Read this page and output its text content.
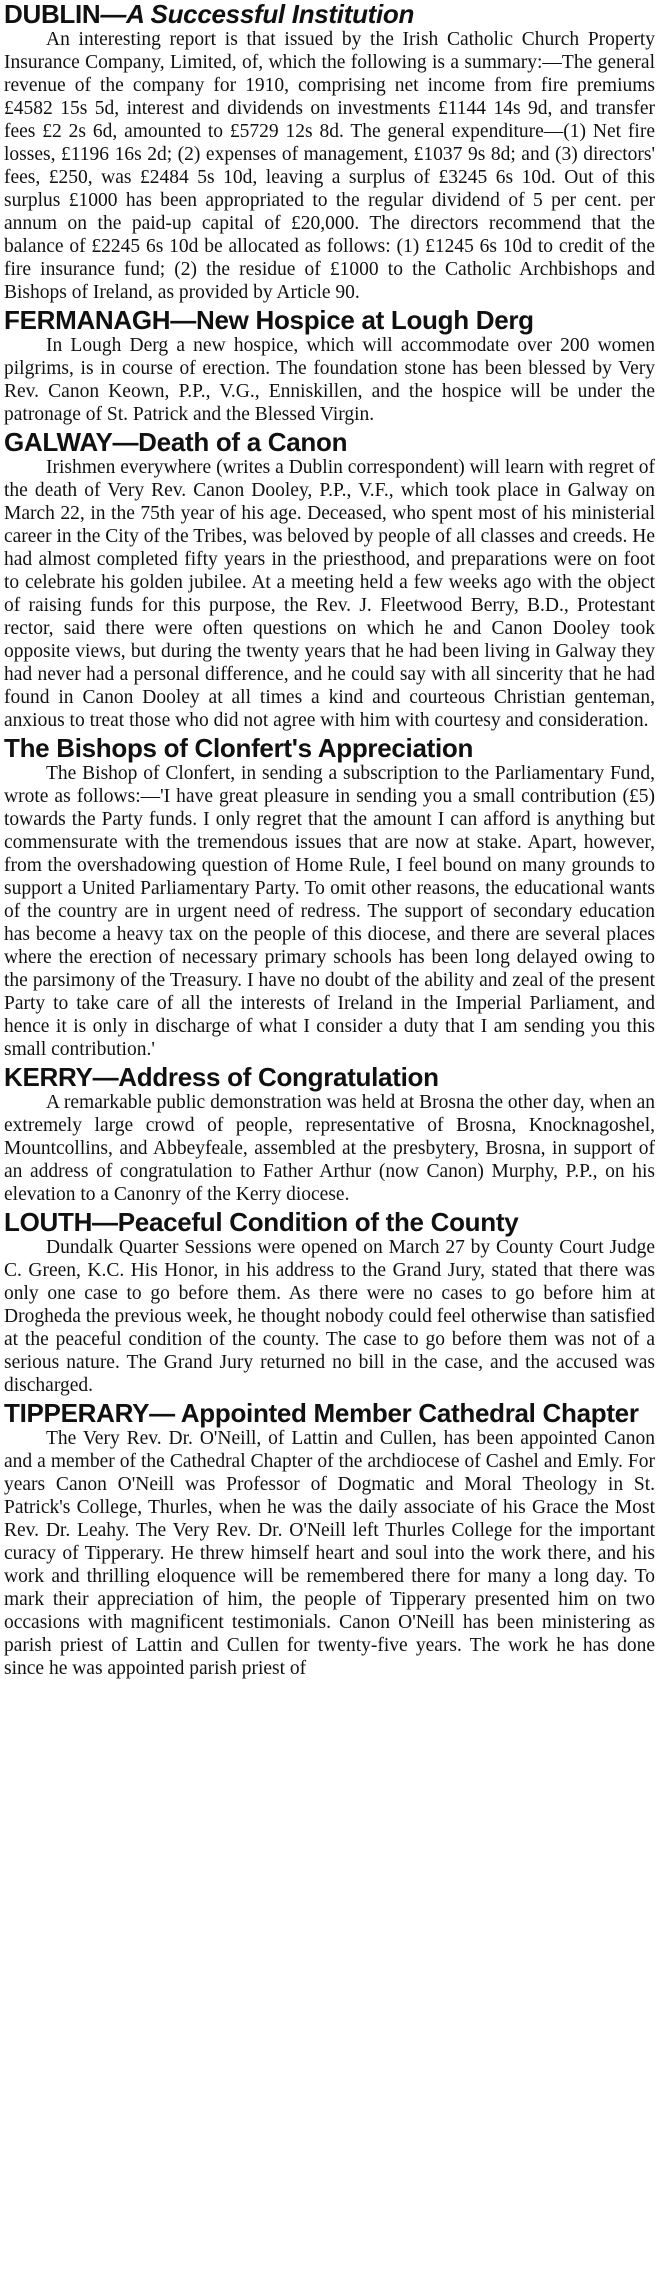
DUBLIN—A Successful Institution

An interesting report is that issued by the Irish Catholic Church Property Insurance Company, Limited, of, which the following is a summary:—The general revenue of the company for 1910, comprising net income from fire premiums £4582 15s 5d, interest and dividends on investments £1144 14s 9d, and transfer fees £2 2s 6d, amounted to £5729 12s 8d. The general expenditure—(1) Net fire losses, £1196 16s 2d; (2) expenses of management, £1037 9s 8d; and (3) directors' fees, £250, was £2484 5s 10d, leaving a surplus of £3245 6s 10d. Out of this surplus £1000 has been appropriated to the regular dividend of 5 per cent. per annum on the paid-up capital of £20,000. The directors recommend that the balance of £2245 6s 10d be allocated as follows: (1) £1245 6s 10d to credit of the fire insurance fund; (2) the residue of £1000 to the Catholic Archbishops and Bishops of Ireland, as provided by Article 90.

FERMANAGH—New Hospice at Lough Derg

In Lough Derg a new hospice, which will accommodate over 200 women pilgrims, is in course of erection. The foundation stone has been blessed by Very Rev. Canon Keown, P.P., V.G., Enniskillen, and the hospice will be under the patronage of St. Patrick and the Blessed Virgin.

GALWAY—Death of a Canon

Irishmen everywhere (writes a Dublin correspondent) will learn with regret of the death of Very Rev. Canon Dooley, P.P., V.F., which took place in Galway on March 22, in the 75th year of his age. Deceased, who spent most of his ministerial career in the City of the Tribes, was beloved by people of all classes and creeds. He had almost completed fifty years in the priesthood, and preparations were on foot to celebrate his golden jubilee. At a meeting held a few weeks ago with the object of raising funds for this purpose, the Rev. J. Fleetwood Berry, B.D., Protestant rector, said there were often questions on which he and Canon Dooley took opposite views, but during the twenty years that he had been living in Galway they had never had a personal difference, and he could say with all sincerity that he had found in Canon Dooley at all times a kind and courteous Christian genteman, anxious to treat those who did not agree with him with courtesy and consideration.

The Bishops of Clonfert's Appreciation

The Bishop of Clonfert, in sending a subscription to the Parliamentary Fund, wrote as follows:—'I have great pleasure in sending you a small contribution (£5) towards the Party funds. I only regret that the amount I can afford is anything but commensurate with the tremendous issues that are now at stake. Apart, however, from the overshadowing question of Home Rule, I feel bound on many grounds to support a United Parliamentary Party. To omit other reasons, the educational wants of the country are in urgent need of redress. The support of secondary education has become a heavy tax on the people of this diocese, and there are several places where the erection of necessary primary schools has been long delayed owing to the parsimony of the Treasury. I have no doubt of the ability and zeal of the present Party to take care of all the interests of Ireland in the Imperial Parliament, and hence it is only in discharge of what I consider a duty that I am sending you this small contribution.'

KERRY—Address of Congratulation

A remarkable public demonstration was held at Brosna the other day, when an extremely large crowd of people, representative of Brosna, Knocknagoshel, Mountcollins, and Abbeyfeale, assembled at the presbytery, Brosna, in support of an address of congratulation to Father Arthur (now Canon) Murphy, P.P., on his elevation to a Canonry of the Kerry diocese.

LOUTH—Peaceful Condition of the County

Dundalk Quarter Sessions were opened on March 27 by County Court Judge C. Green, K.C. His Honor, in his address to the Grand Jury, stated that there was only one case to go before them. As there were no cases to go before him at Drogheda the previous week, he thought nobody could feel otherwise than satisfied at the peaceful condition of the county. The case to go before them was not of a serious nature. The Grand Jury returned no bill in the case, and the accused was discharged.

TIPPERARY— Appointed Member Cathedral Chapter

The Very Rev. Dr. O'Neill, of Lattin and Cullen, has been appointed Canon and a member of the Cathedral Chapter of the archdiocese of Cashel and Emly. For years Canon O'Neill was Professor of Dogmatic and Moral Theology in St. Patrick's College, Thurles, when he was the daily associate of his Grace the Most Rev. Dr. Leahy. The Very Rev. Dr. O'Neill left Thurles College for the important curacy of Tipperary. He threw himself heart and soul into the work there, and his work and thrilling eloquence will be remembered there for many a long day. To mark their appreciation of him, the people of Tipperary presented him on two occasions with magnificent testimonials. Canon O'Neill has been ministering as parish priest of Lattin and Cullen for twenty-five years. The work he has done since he was appointed parish priest of
